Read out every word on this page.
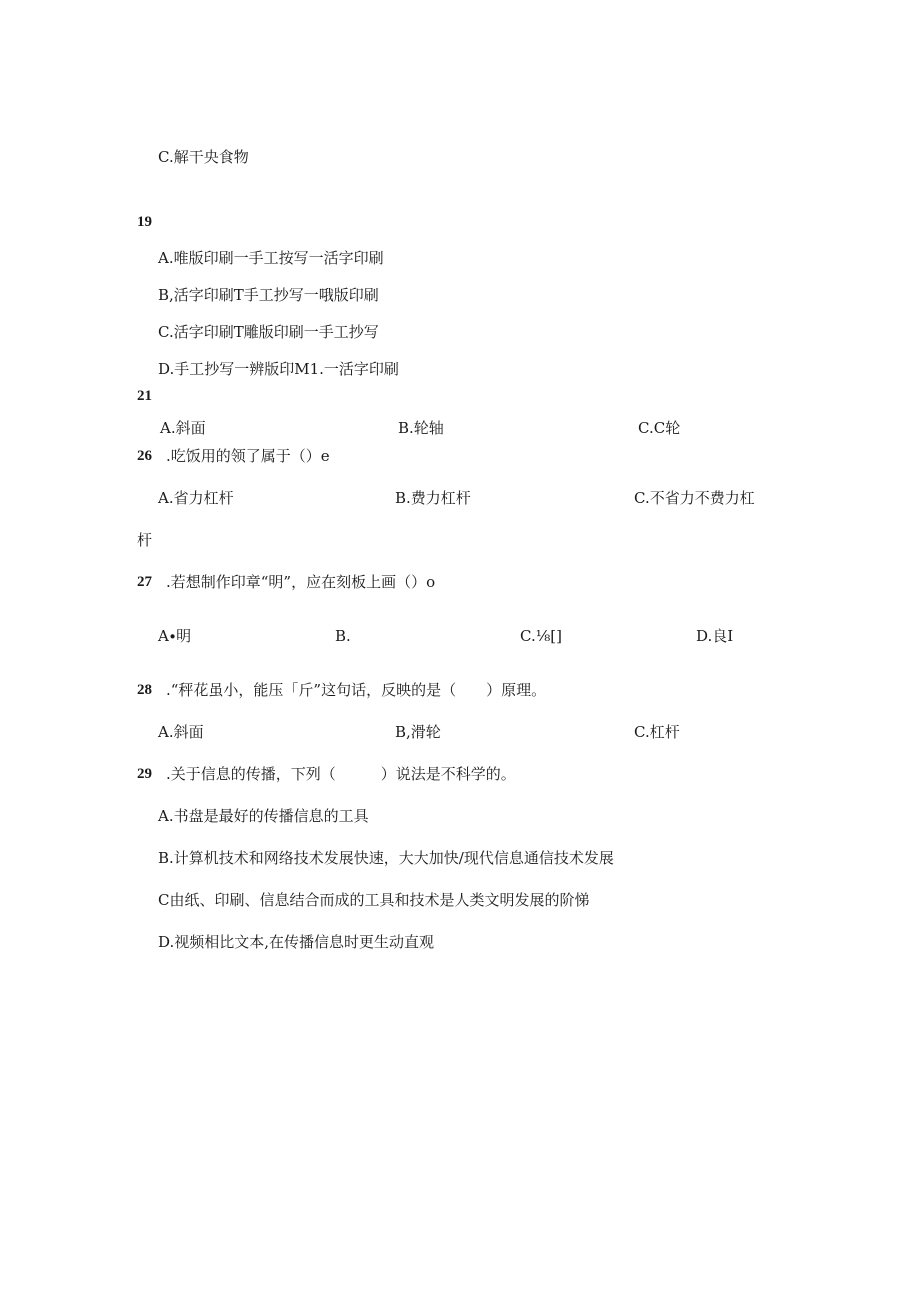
C.解干央食物
19
A.唯版印刷一手工按写一活字印刷
B,活字印刷T手工抄写一哦版印刷
C.活字印刷T雕版印刷一手工抄写
D.手工抄写一辨版印M1.一活字印刷
21
A.斜面	B.轮轴	C.C轮
26 .吃饭用的领了属于（）e
A.省力杠杆	B.费力杠杆	C.不省力不费力杠
杆
27 .若想制作印章“明”，应在刻板上画（）o
A∙明	B.	C.⅛[]	D.良I
28 .“秤花虽小，能压「斤”这句话，反映的是（　　）原理。
A.斜面	B,滑轮	C.杠杆
29 .关于信息的传播，下列（　　　）说法是不科学的。
A.书盘是最好的传播信息的工具
B.计算机技术和网络技术发展快速，大大加快/现代信息通信技术发展
C由纸、印刷、信息结合而成的工具和技术是人类文明发展的阶悌
D.视频相比文本,在传播信息时更生动直观
